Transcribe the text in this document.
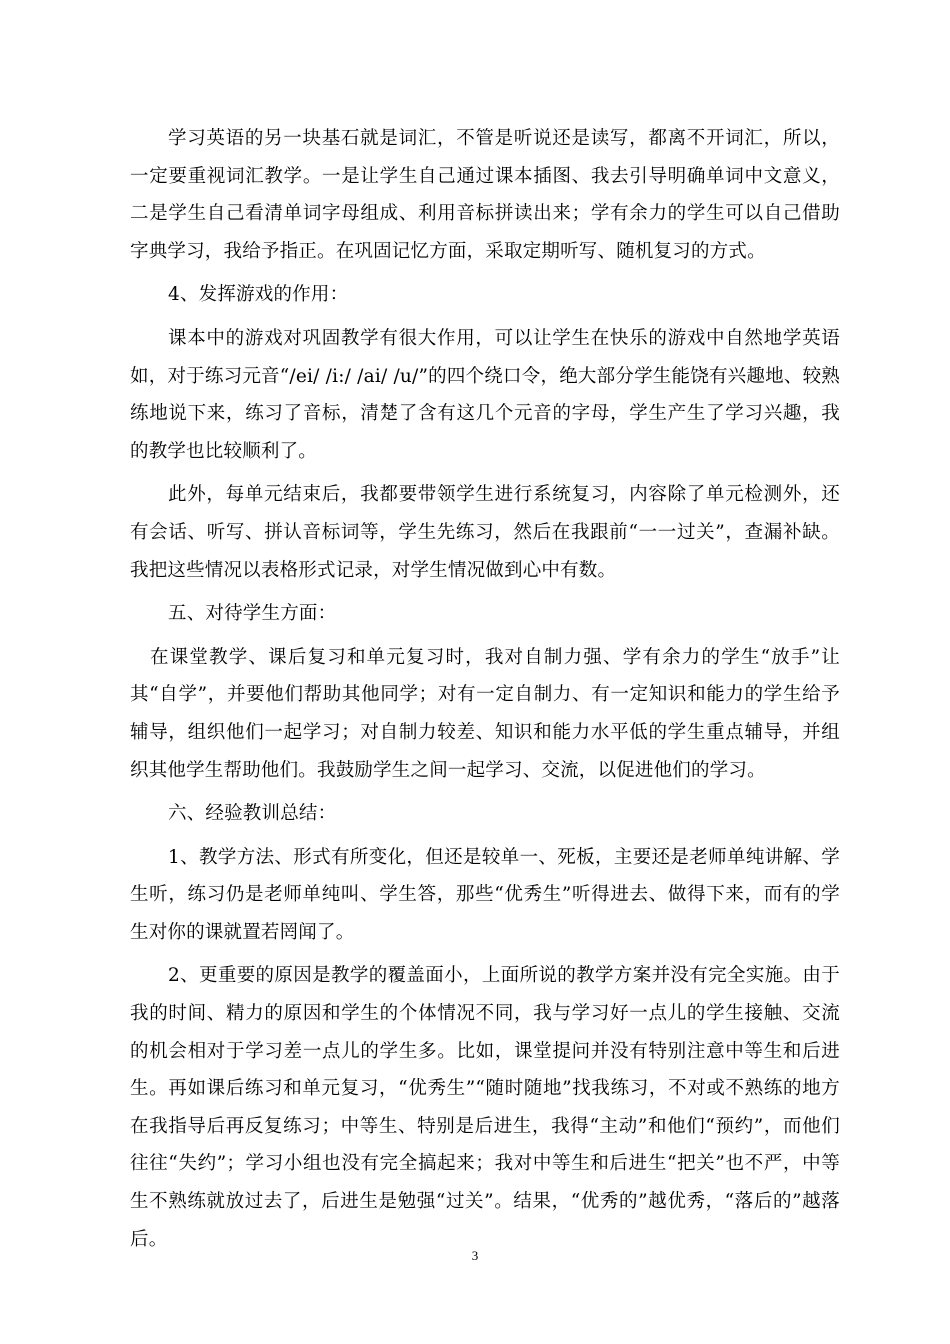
学习英语的另一块基石就是词汇，不管是听说还是读写，都离不开词汇，所以，一定要重视词汇教学。一是让学生自己通过课本插图、我去引导明确单词中文意义，二是学生自己看清单词字母组成、利用音标拼读出来；学有余力的学生可以自己借助字典学习，我给予指正。在巩固记忆方面，采取定期听写、随机复习的方式。

4、发挥游戏的作用：

课本中的游戏对巩固教学有很大作用，可以让学生在快乐的游戏中自然地学英语如，对于练习元音“/ei/ /i:/ /ai/ /u/”的四个绕口令，绝大部分学生能饶有兴趣地、较熟练地说下来，练习了音标，清楚了含有这几个元音的字母，学生产生了学习兴趣，我的教学也比较顺利了。

此外，每单元结束后，我都要带领学生进行系统复习，内容除了单元检测外，还有会话、听写、拼认音标词等，学生先练习，然后在我跟前“一一过关”，查漏补缺。我把这些情况以表格形式记录，对学生情况做到心中有数。

五、对待学生方面：

在课堂教学、课后复习和单元复习时，我对自制力强、学有余力的学生“放手”让其“自学”，并要他们帮助其他同学；对有一定自制力、有一定知识和能力的学生给予辅导，组织他们一起学习；对自制力较差、知识和能力水平低的学生重点辅导，并组织其他学生帮助他们。我鼓励学生之间一起学习、交流，以促进他们的学习。

六、经验教训总结：

1、教学方法、形式有所变化，但还是较单一、死板，主要还是老师单纯讲解、学生听，练习仍是老师单纯叫、学生答，那些“优秀生”听得进去、做得下来，而有的学生对你的课就置若罔闻了。

2、更重要的原因是教学的覆盖面小，上面所说的教学方案并没有完全实施。由于我的时间、精力的原因和学生的个体情况不同，我与学习好一点儿的学生接触、交流的机会相对于学习差一点儿的学生多。比如，课堂提问并没有特别注意中等生和后进生。再如课后练习和单元复习，“优秀生”“随时随地”找我练习，不对或不熟练的地方在我指导后再反复练习；中等生、特别是后进生，我得“主动”和他们“预约”，而他们往往“失约”；学习小组也没有完全搞起来；我对中等生和后进生“把关”也不严，中等生不熟练就放过去了，后进生是勉强“过关”。结果，“优秀的”越优秀，“落后的”越落后。

3
